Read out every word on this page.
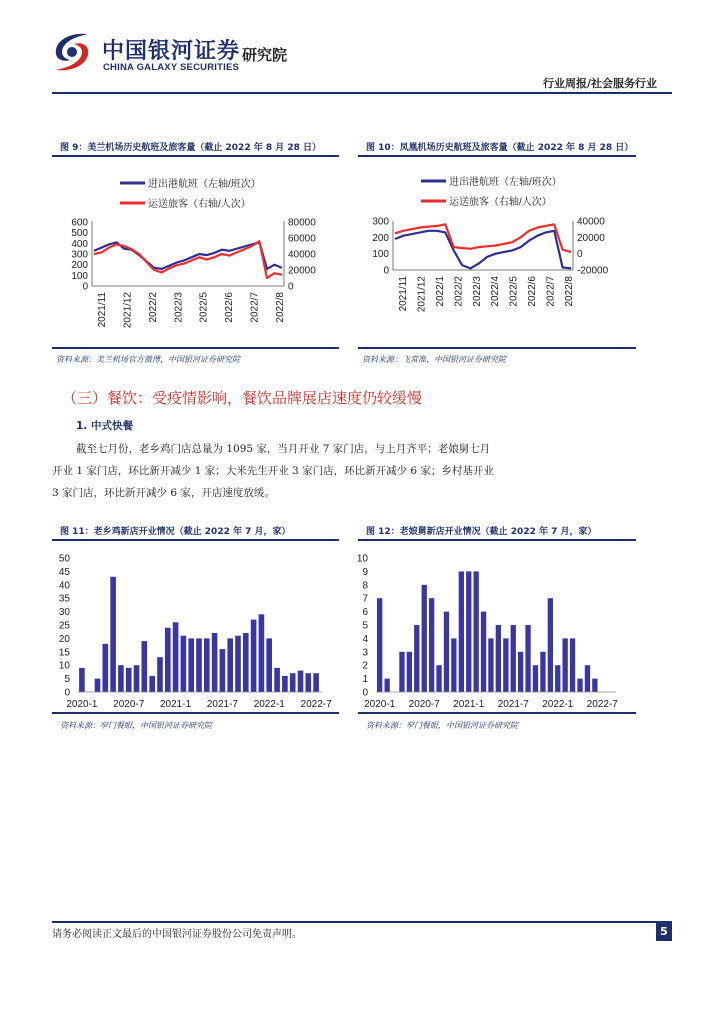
中国银河证券
CHINA GALAXY SECURITIES
研究院
行业周报/社会服务行业
图 9：美兰机场历史航班及旅客量（截止 2022 年 8 月 28 日）
进出港航班（左轴/班次）
运送旅客（右轴/人次）
600
500
400
300
200
100
0
80000
60000
40000
20000
0
2021/11 2021/12 2022/2 2022/3 2022/5 2022/6 2022/7 2022/8
资料来源：美兰机场官方微博，中国银河证券研究院
图 10：凤凰机场历史航班及旅客量（截止 2022 年 8 月 28 日）
进出港航班（左轴/班次）
运送旅客（右轴/人次）
300
200
100
0
40000
20000
0
-20000
2021/11 2021/12 2022/1 2022/2 2022/3 2022/4 2022/5 2022/6 2022/7 2022/8
资料来源：飞常准，中国银河证券研究院
（三）餐饮：受疫情影响，餐饮品牌展店速度仍较缓慢
1. 中式快餐
截至七月份，老乡鸡门店总量为 1095 家，当月开业 7 家门店，与上月齐平；老娘舅七月
开业 1 家门店，环比新开减少 1 家；大米先生开业 3 家门店，环比新开减少 6 家；乡村基开业
3 家门店，环比新开减少 6 家，开店速度放缓。
图 11：老乡鸡新店开业情况（截止 2022 年 7 月，家）
50
45
40
35
30
25
20
15
10
5
0
2020-1 2020-7 2021-1 2021-7 2022-1 2022-7
资料来源：窄门餐眼，中国银河证券研究院
图 12：老娘舅新店开业情况（截止 2022 年 7 月，家）
10
9
8
7
6
5
4
3
2
1
0
2020-1 2020-7 2021-1 2021-7 2022-1 2022-7
资料来源：窄门餐眼，中国银河证券研究院
请务必阅读正文最后的中国银河证券股份公司免责声明。	5
